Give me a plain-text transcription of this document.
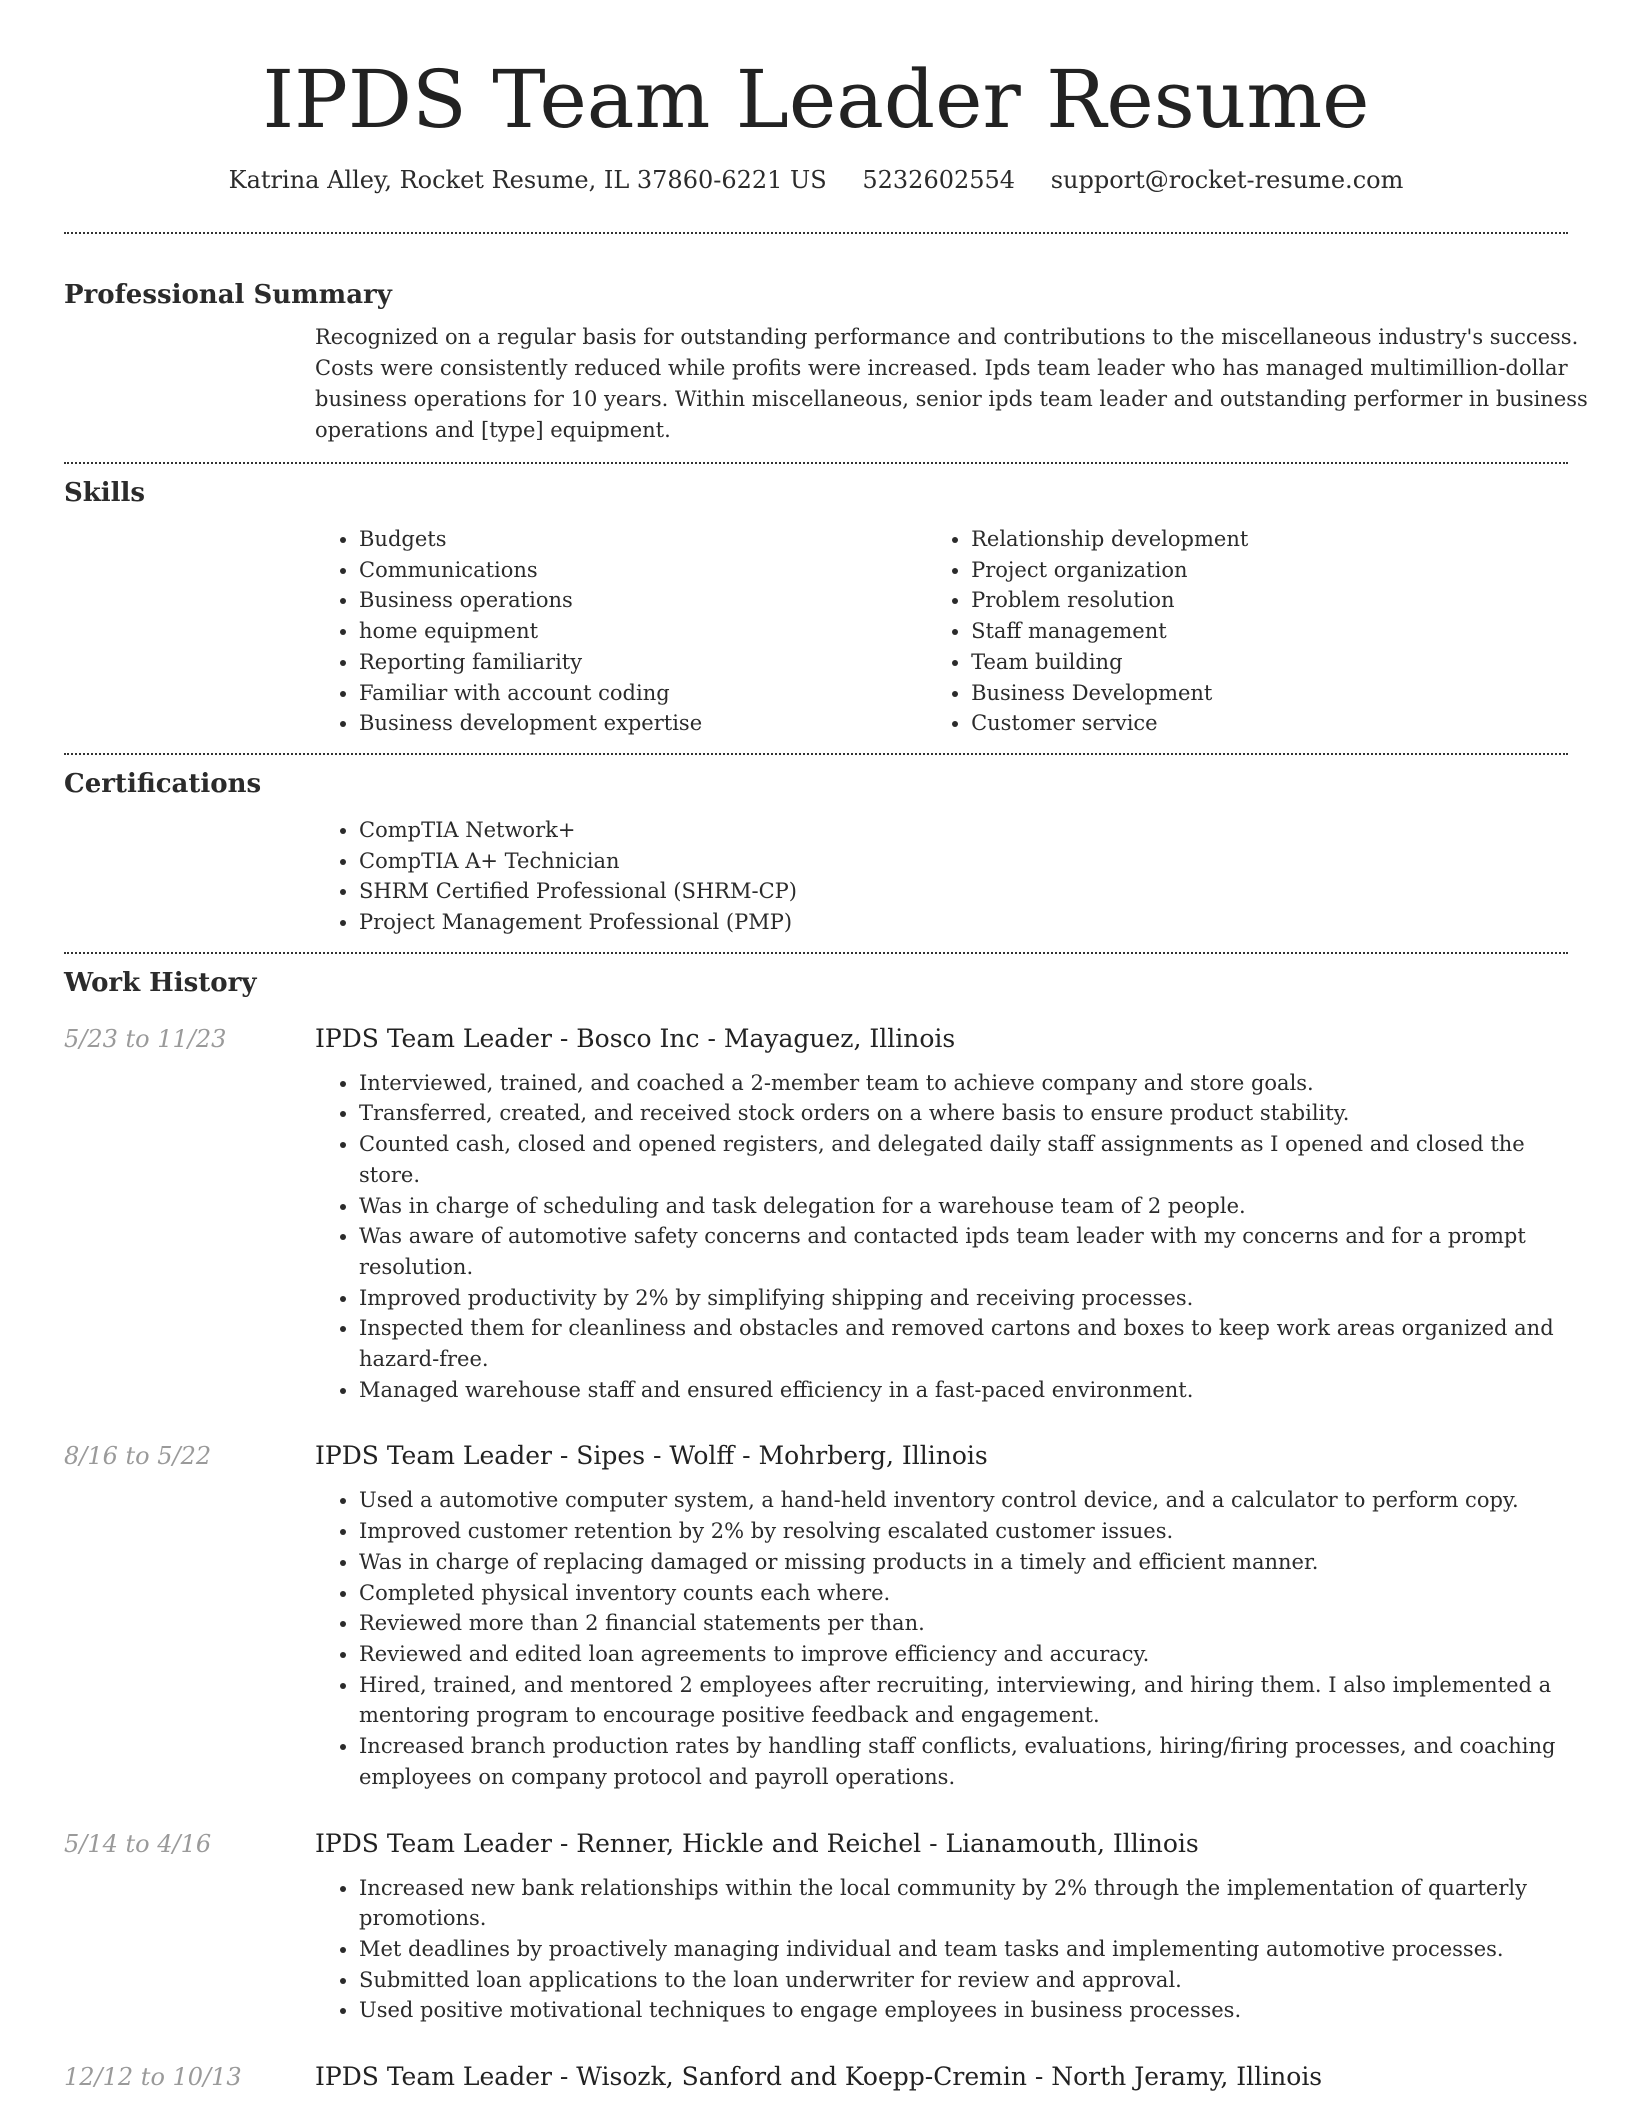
IPDS Team Leader Resume
Katrina Alley, Rocket Resume, IL 37860-6221 US 5232602554 support@rocket-resume.com
Professional Summary
Recognized on a regular basis for outstanding performance and contributions to the miscellaneous industry's success. Costs were consistently reduced while profits were increased. Ipds team leader who has managed multimillion-dollar business operations for 10 years. Within miscellaneous, senior ipds team leader and outstanding performer in business operations and [type] equipment.
Skills
• Budgets
• Communications
• Business operations
• home equipment
• Reporting familiarity
• Familiar with account coding
• Business development expertise
• Relationship development
• Project organization
• Problem resolution
• Staff management
• Team building
• Business Development
• Customer service
Certifications
• CompTIA Network+
• CompTIA A+ Technician
• SHRM Certified Professional (SHRM-CP)
• Project Management Professional (PMP)
Work History
5/23 to 11/23	IPDS Team Leader - Bosco Inc - Mayaguez, Illinois
• Interviewed, trained, and coached a 2-member team to achieve company and store goals.
• Transferred, created, and received stock orders on a where basis to ensure product stability.
• Counted cash, closed and opened registers, and delegated daily staff assignments as I opened and closed the store.
• Was in charge of scheduling and task delegation for a warehouse team of 2 people.
• Was aware of automotive safety concerns and contacted ipds team leader with my concerns and for a prompt resolution.
• Improved productivity by 2% by simplifying shipping and receiving processes.
• Inspected them for cleanliness and obstacles and removed cartons and boxes to keep work areas organized and hazard-free.
• Managed warehouse staff and ensured efficiency in a fast-paced environment.
8/16 to 5/22	IPDS Team Leader - Sipes - Wolff - Mohrberg, Illinois
• Used a automotive computer system, a hand-held inventory control device, and a calculator to perform copy.
• Improved customer retention by 2% by resolving escalated customer issues.
• Was in charge of replacing damaged or missing products in a timely and efficient manner.
• Completed physical inventory counts each where.
• Reviewed more than 2 financial statements per than.
• Reviewed and edited loan agreements to improve efficiency and accuracy.
• Hired, trained, and mentored 2 employees after recruiting, interviewing, and hiring them. I also implemented a mentoring program to encourage positive feedback and engagement.
• Increased branch production rates by handling staff conflicts, evaluations, hiring/firing processes, and coaching employees on company protocol and payroll operations.
5/14 to 4/16	IPDS Team Leader - Renner, Hickle and Reichel - Lianamouth, Illinois
• Increased new bank relationships within the local community by 2% through the implementation of quarterly promotions.
• Met deadlines by proactively managing individual and team tasks and implementing automotive processes.
• Submitted loan applications to the loan underwriter for review and approval.
• Used positive motivational techniques to engage employees in business processes.
12/12 to 10/13	IPDS Team Leader - Wisozk, Sanford and Koepp-Cremin - North Jeramy, Illinois
